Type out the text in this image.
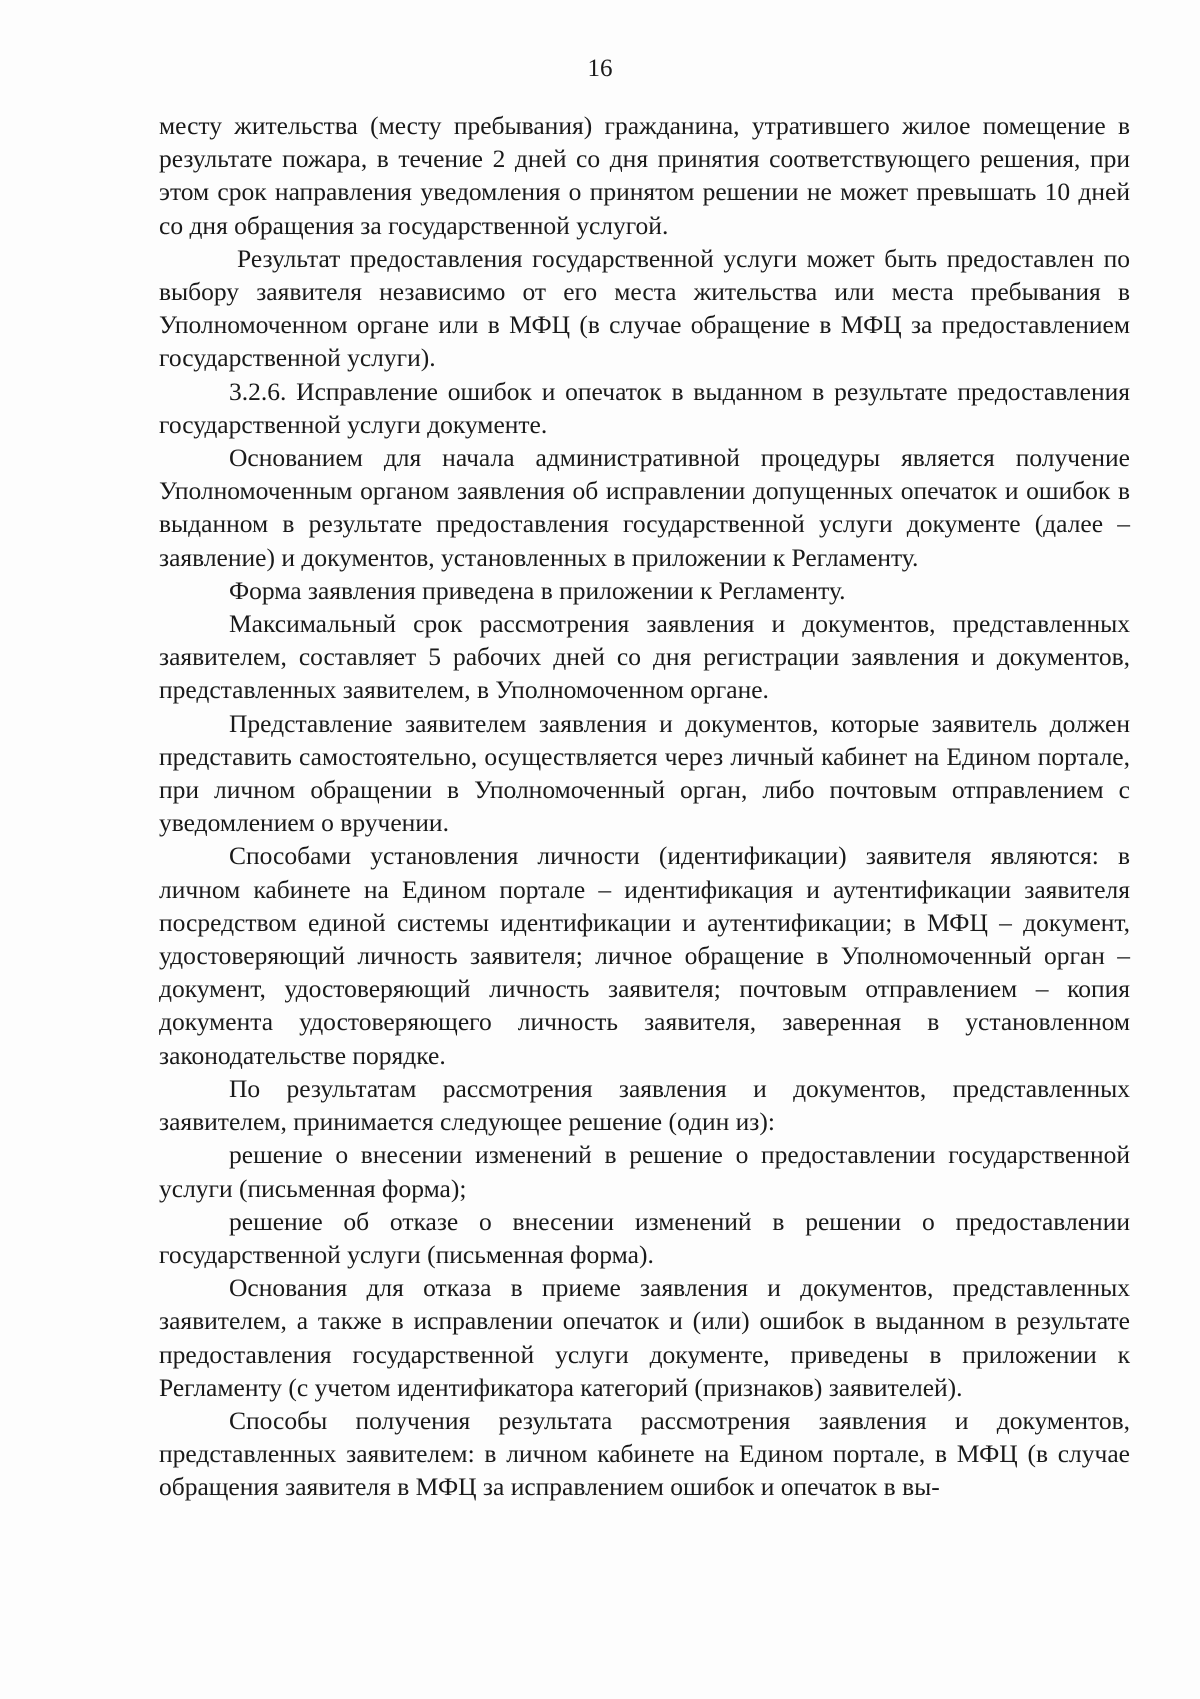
16

месту жительства (месту пребывания) гражданина, утратившего жилое помещение в результате пожара, в течение 2 дней со дня принятия соответствующего решения, при этом срок направления уведомления о принятом решении не может превышать 10 дней со дня обращения за государственной услугой.

Результат предоставления государственной услуги может быть предоставлен по выбору заявителя независимо от его места жительства или места пребывания в Уполномоченном органе или в МФЦ (в случае обращение в МФЦ за предоставлением государственной услуги).

3.2.6. Исправление ошибок и опечаток в выданном в результате предоставления государственной услуги документе.

Основанием для начала административной процедуры является получение Уполномоченным органом заявления об исправлении допущенных опечаток и ошибок в выданном в результате предоставления государственной услуги документе (далее – заявление) и документов, установленных в приложении к Регламенту.

Форма заявления приведена в приложении к Регламенту.

Максимальный срок рассмотрения заявления и документов, представленных заявителем, составляет 5 рабочих дней со дня регистрации заявления и документов, представленных заявителем, в Уполномоченном органе.

Представление заявителем заявления и документов, которые заявитель должен представить самостоятельно, осуществляется через личный кабинет на Едином портале, при личном обращении в Уполномоченный орган, либо почтовым отправлением с уведомлением о вручении.

Способами установления личности (идентификации) заявителя являются: в личном кабинете на Едином портале – идентификация и аутентификации заявителя посредством единой системы идентификации и аутентификации; в МФЦ – документ, удостоверяющий личность заявителя; личное обращение в Уполномоченный орган – документ, удостоверяющий личность заявителя; почтовым отправлением – копия документа удостоверяющего личность заявителя, заверенная в установленном законодательстве порядке.

По результатам рассмотрения заявления и документов, представленных заявителем, принимается следующее решение (один из):

решение о внесении изменений в решение о предоставлении государственной услуги (письменная форма);

решение об отказе о внесении изменений в решении о предоставлении государственной услуги (письменная форма).

Основания для отказа в приеме заявления и документов, представленных заявителем, а также в исправлении опечаток и (или) ошибок в выданном в результате предоставления государственной услуги документе, приведены в приложении к Регламенту (с учетом идентификатора категорий (признаков) заявителей).

Способы получения результата рассмотрения заявления и документов, представленных заявителем: в личном кабинете на Едином портале, в МФЦ (в случае обращения заявителя в МФЦ за исправлением ошибок и опечаток в вы-
